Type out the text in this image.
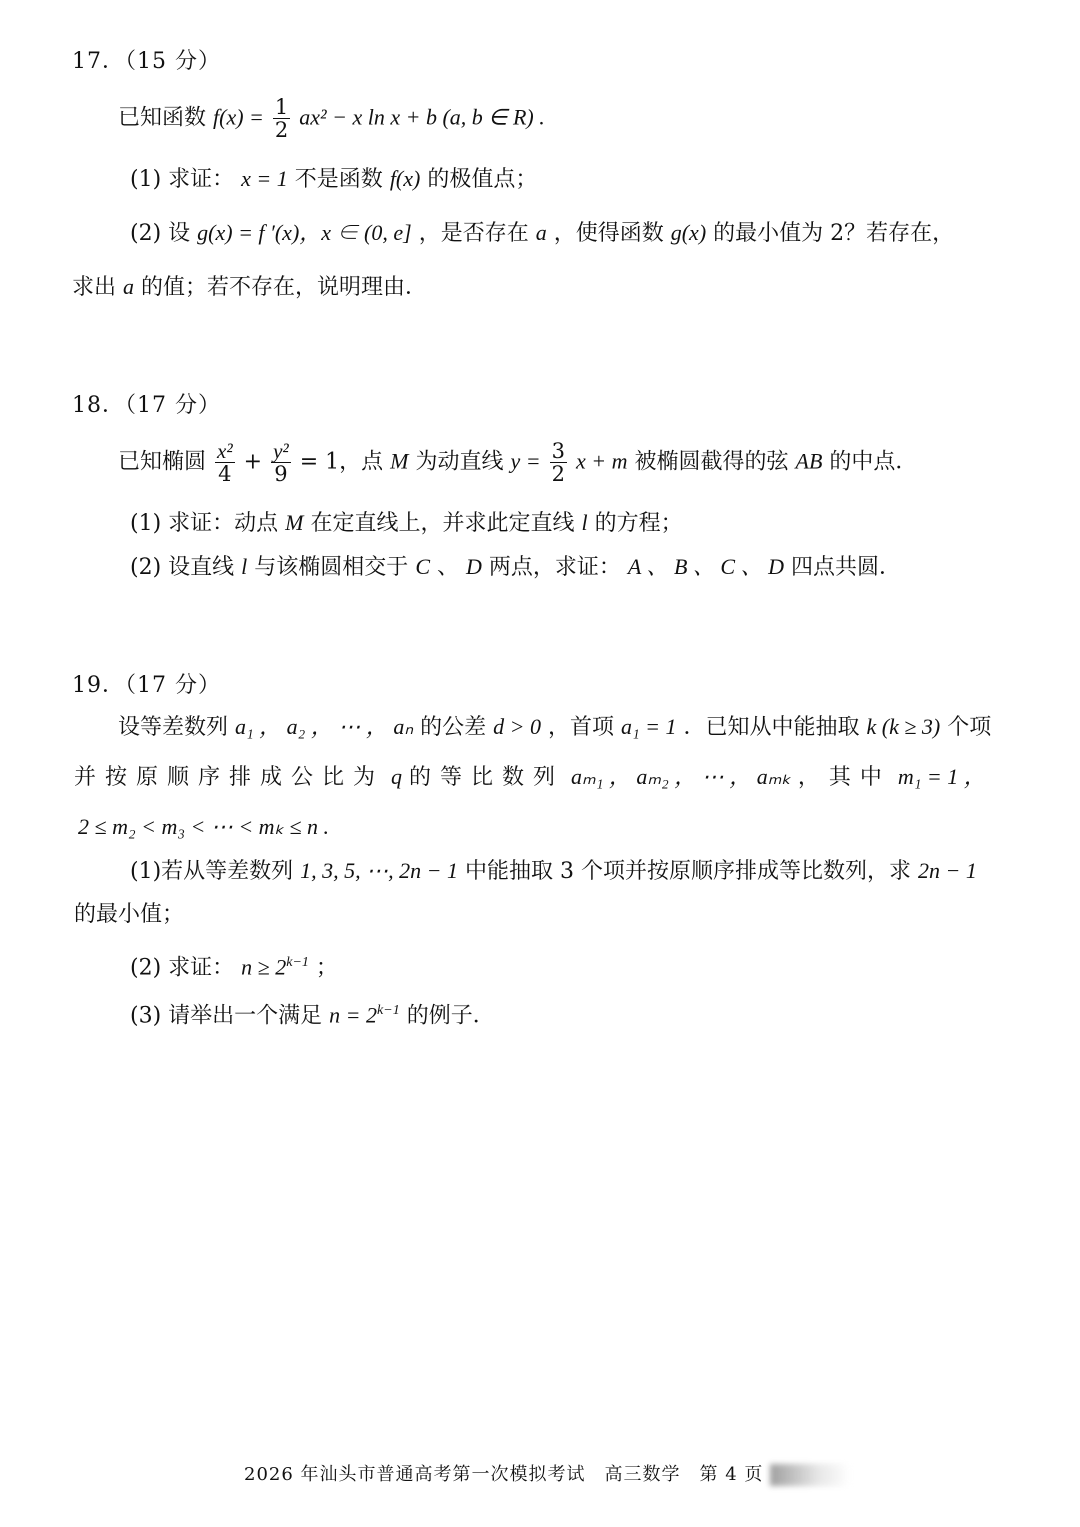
17．（15 分）
已知函数 $f(x) = \frac{1}{2} ax^2 - x$ ln x + b (a, b ∈ R) .
(1) 求证： x = 1 不是函数 f(x) 的极值点；
(2) 设 g(x) = f ′(x)，x ∈ (0, e] ，是否存在 a ，使得函数 g(x) 的最小值为 2？若存在，
求出 a 的值；若不存在，说明理由．
18．（17 分）
已知椭圆 $\frac{\text{x²}}{4} + \frac{\text{y²}}{9} = 1$，点 M 为动直线 $y = \frac{3}{2}$ x + m 被椭圆截得的弦 AB 的中点．
(1) 求证：动点 M 在定直线上，并求此定直线 l 的方程；
(2) 设直线 l 与该椭圆相交于 C 、 D 两点，求证： A 、 B 、 C 、 D 四点共圆．
19．（17 分）
设等差数列 a₁ ， a₂ ， ⋯ ， aₙ 的公差 d > 0 ，首项 a₁ = 1 ．已知从中能抽取 k (k ≥ 3) 个项
并按原顺序排成公比为 q 的等比数列 aₘ₁ ， aₘ₂ ， ⋯ ， aₘₖ ，其中 m₁ = 1 ，
2 ≤ m₂ < m₃ < ⋯ < mₖ ≤ n .
(1)若从等差数列 1, 3, 5, ⋯, 2n − 1 中能抽取 3 个项并按原顺序排成等比数列，求 2n − 1
的最小值；
(2) 求证： $n \ge 2^{k-1}$ ；
(3) 请举出一个满足 $n = 2^{k-1}$ 的例子．
2026 年汕头市普通高考第一次模拟考试　高三数学　第 4 页
